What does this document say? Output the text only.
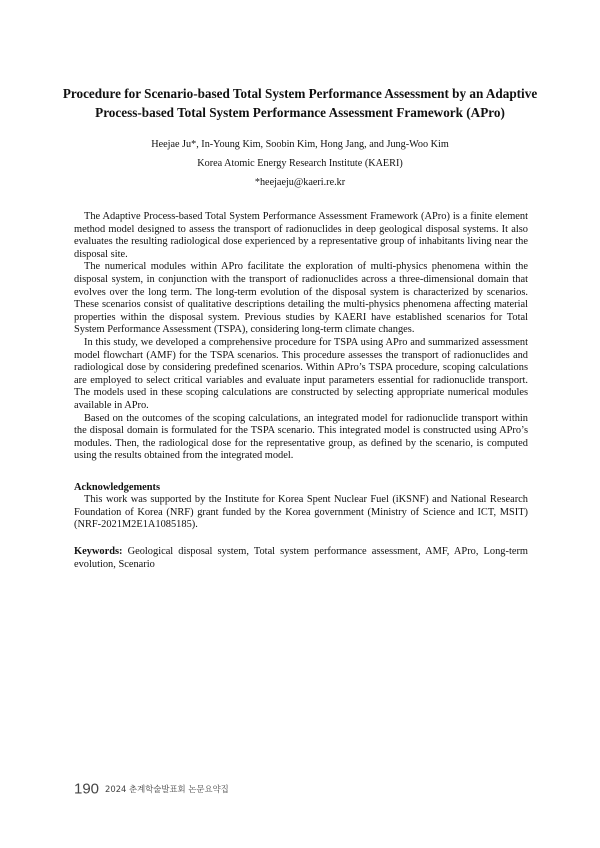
Procedure for Scenario-based Total System Performance Assessment by an Adaptive Process-based Total System Performance Assessment Framework (APro)

Heejae Ju*, In-Young Kim, Soobin Kim, Hong Jang, and Jung-Woo Kim

Korea Atomic Energy Research Institute (KAERI)

*heejaeju@kaeri.re.kr

The Adaptive Process-based Total System Performance Assessment Framework (APro) is a finite element method model designed to assess the transport of radionuclides in deep geological disposal systems. It also evaluates the resulting radiological dose experienced by a representative group of inhabitants living near the disposal site.

The numerical modules within APro facilitate the exploration of multi-physics phenomena within the disposal system, in conjunction with the transport of radionuclides across a three-dimensional domain that evolves over the long term. The long-term evolution of the disposal system is characterized by scenarios. These scenarios consist of qualitative descriptions detailing the multi-physics phenomena affecting material properties within the disposal system. Previous studies by KAERI have established scenarios for Total System Performance Assessment (TSPA), considering long-term climate changes.

In this study, we developed a comprehensive procedure for TSPA using APro and summarized assessment model flowchart (AMF) for the TSPA scenarios. This procedure assesses the transport of radionuclides and radiological dose by considering predefined scenarios. Within APro’s TSPA procedure, scoping calculations are employed to select critical variables and evaluate input parameters essential for radionuclide transport. The models used in these scoping calculations are constructed by selecting appropriate numerical modules available in APro.

Based on the outcomes of the scoping calculations, an integrated model for radionuclide transport within the disposal domain is formulated for the TSPA scenario. This integrated model is constructed using APro’s modules. Then, the radiological dose for the representative group, as defined by the scenario, is computed using the results obtained from the integrated model.

Acknowledgements

This work was supported by the Institute for Korea Spent Nuclear Fuel (iKSNF) and National Research Foundation of Korea (NRF) grant funded by the Korea government (Ministry of Science and ICT, MSIT) (NRF-2021M2E1A1085185).

Keywords: Geological disposal system, Total system performance assessment, AMF, APro, Long-term evolution, Scenario

190 2024 춘계학술발표회 논문요약집
